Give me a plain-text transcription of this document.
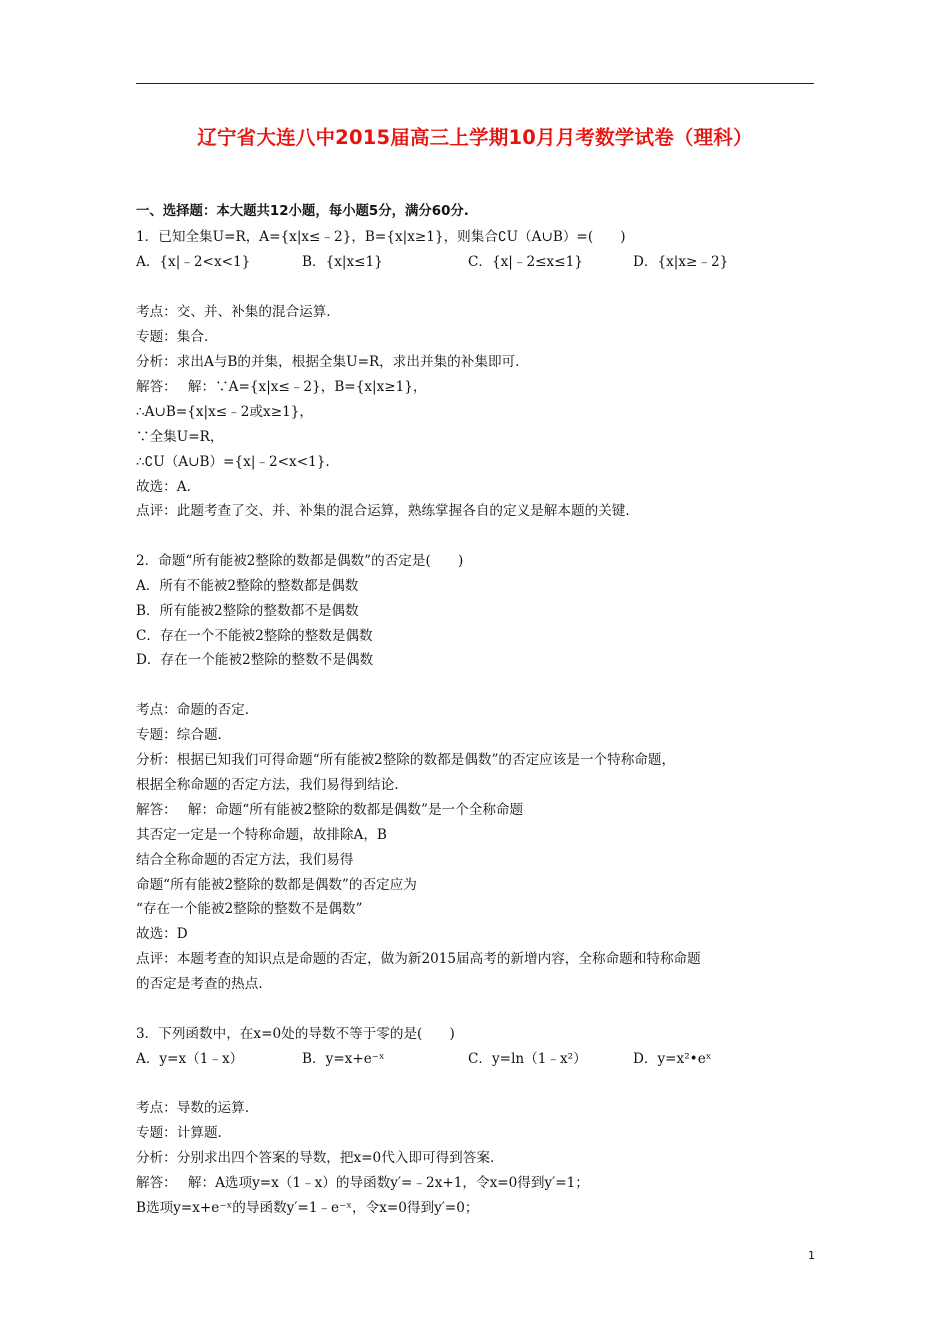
辽宁省大连八中2015届高三上学期10月月考数学试卷（理科）
一、选择题：本大题共12小题，每小题5分，满分60分.
1．已知全集U=R，A={x|x≤﹣2}，B={x|x≥1}，则集合∁U（A∪B）=(　　)
A．{x|﹣2<x<1}	B．{x|x≤1}	C．{x|﹣2≤x≤1}	D．{x|x≥﹣2}
考点：交、并、补集的混合运算.
专题：集合.
分析：求出A与B的并集，根据全集U=R，求出并集的补集即可.
解答：　 解：∵A={x|x≤﹣2}，B={x|x≥1}，
∴A∪B={x|x≤﹣2或x≥1}，
∵全集U=R，
∴∁U（A∪B）={x|﹣2<x<1}.
故选：A.
点评：此题考查了交、并、补集的混合运算，熟练掌握各自的定义是解本题的关键.
2．命题“所有能被2整除的数都是偶数”的否定是(　　)
A．所有不能被2整除的整数都是偶数
B．所有能被2整除的整数都不是偶数
C．存在一个不能被2整除的整数是偶数
D．存在一个能被2整除的整数不是偶数
考点：命题的否定.
专题：综合题.
分析：根据已知我们可得命题“所有能被2整除的数都是偶数”的否定应该是一个特称命题，
根据全称命题的否定方法，我们易得到结论.
解答：　 解：命题“所有能被2整除的数都是偶数”是一个全称命题
其否定一定是一个特称命题，故排除A，B
结合全称命题的否定方法，我们易得
命题“所有能被2整除的数都是偶数”的否定应为
“存在一个能被2整除的整数不是偶数”
故选：D
点评：本题考查的知识点是命题的否定，做为新2015届高考的新增内容，全称命题和特称命题
的否定是考查的热点.
3．下列函数中，在x=0处的导数不等于零的是(　　)
A．y=x（1﹣x）	B．y=x+e⁻ˣ	C．y=ln（1﹣x²）	D．y=x²•eˣ
考点：导数的运算.
专题：计算题.
分析：分别求出四个答案的导数，把x=0代入即可得到答案.
解答：　 解：A选项y=x（1﹣x）的导函数y′=﹣2x+1，令x=0得到y′=1；
B选项y=x+e⁻ˣ的导函数y′=1﹣e⁻ˣ，令x=0得到y′=0；
1
